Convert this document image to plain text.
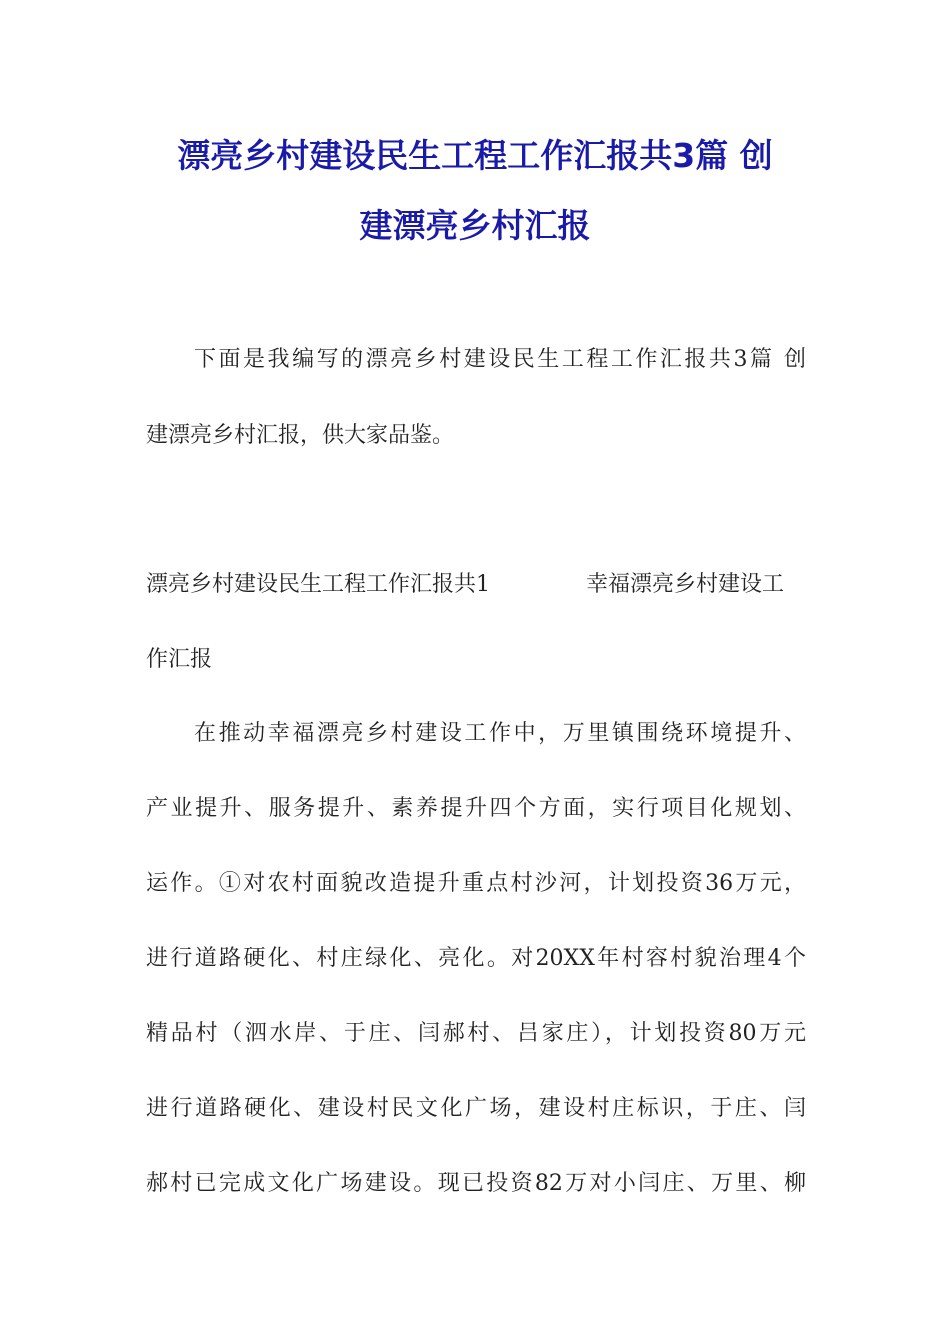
漂亮乡村建设民生工程工作汇报共3篇 创
建漂亮乡村汇报
下面是我编写的漂亮乡村建设民生工程工作汇报共3篇 创
建漂亮乡村汇报，供大家品鉴。
漂亮乡村建设民生工程工作汇报共1	幸福漂亮乡村建设工
作汇报
在推动幸福漂亮乡村建设工作中，万里镇围绕环境提升、
产业提升、服务提升、素养提升四个方面，实行项目化规划、
运作。①对农村面貌改造提升重点村沙河，计划投资36万元，
进行道路硬化、村庄绿化、亮化。对20XX年村容村貌治理4个
精品村（泗水岸、于庄、闫郝村、吕家庄），计划投资80万元
进行道路硬化、建设村民文化广场，建设村庄标识，于庄、闫
郝村已完成文化广场建设。现已投资82万对小闫庄、万里、柳
